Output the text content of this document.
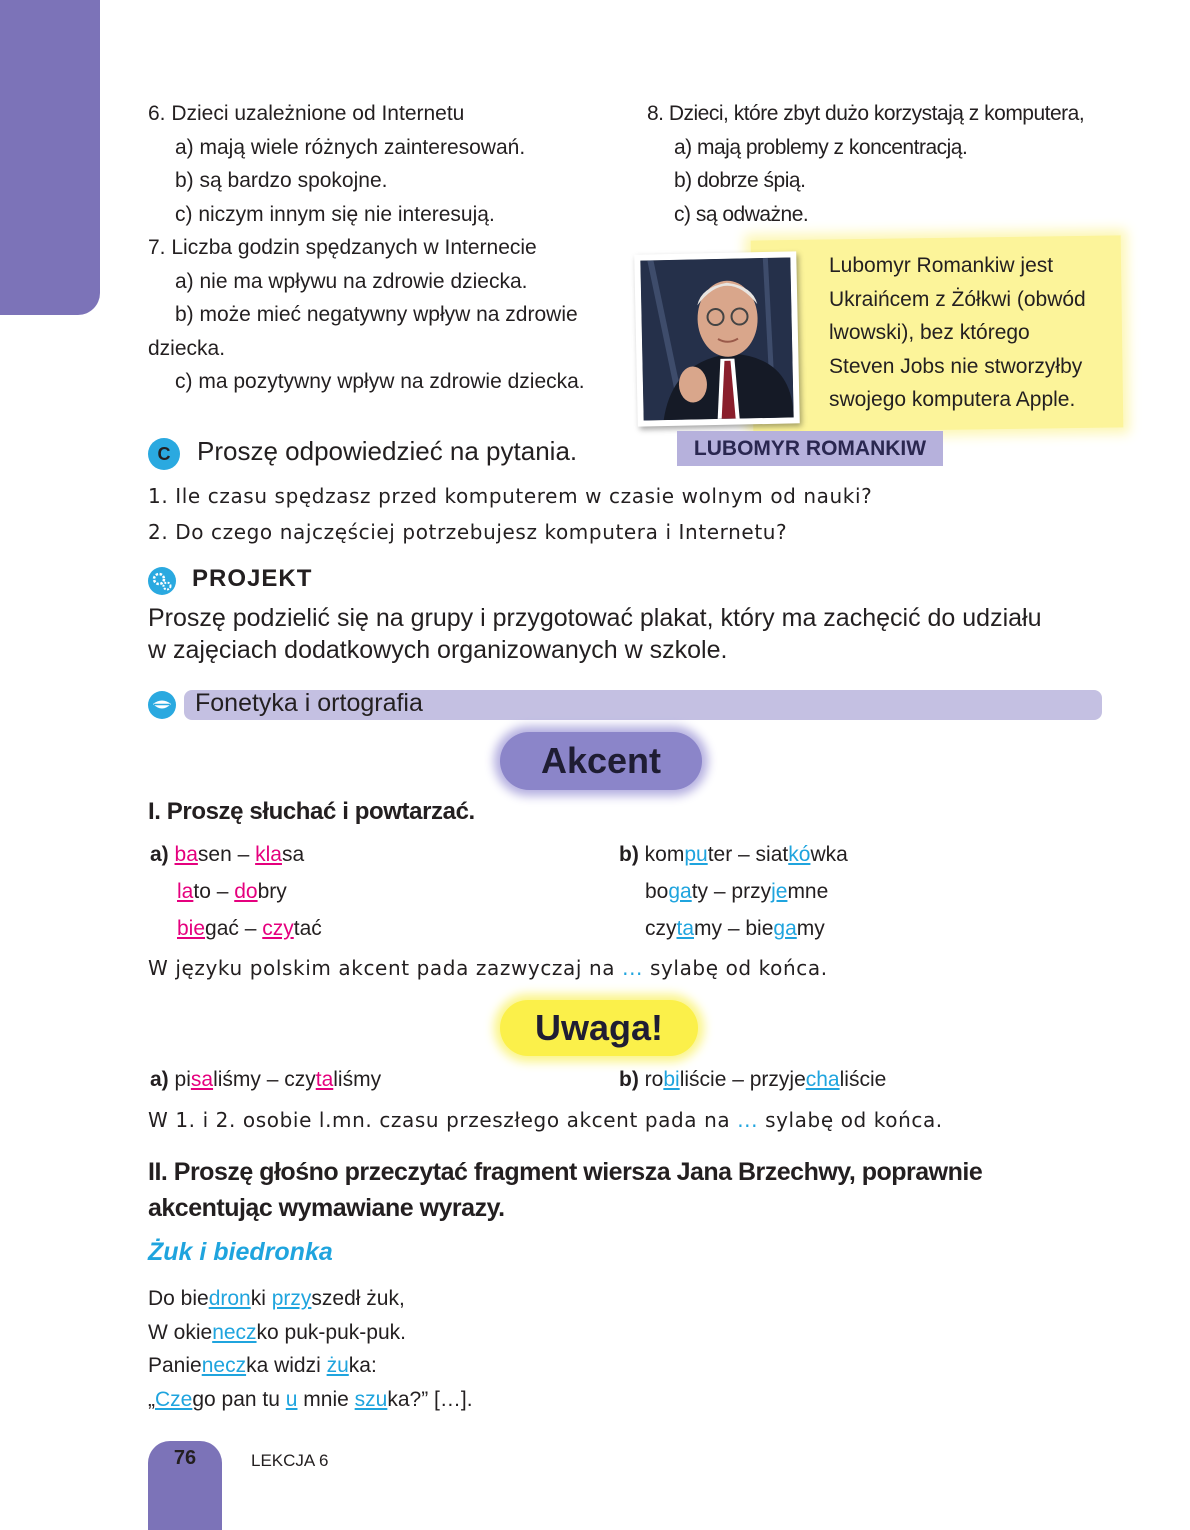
6. Dzieci uzależnione od Internetu
a) mają wiele różnych zainteresowań.
b) są bardzo spokojne.
c) niczym innym się nie interesują.
7. Liczba godzin spędzanych w Internecie
a) nie ma wpływu na zdrowie dziecka.
b) może mieć negatywny wpływ na zdrowie
dziecka.
c) ma pozytywny wpływ na zdrowie dziecka.
8. Dzieci, które zbyt dużo korzystają z komputera,
a) mają problemy z koncentracją.
b) dobrze śpią.
c) są odważne.
Lubomyr Romankiw jest
Ukraińcem z Żółkwi (obwód
lwowski), bez którego
Steven Jobs nie stworzyłby
swojego komputera Apple.
LUBOMYR ROMANKIW
C	Proszę odpowiedzieć na pytania.
1. Ile czasu spędzasz przed komputerem w czasie wolnym od nauki?
2. Do czego najczęściej potrzebujesz komputera i Internetu?
PROJEKT
Proszę podzielić się na grupy i przygotować plakat, który ma zachęcić do udziału
w zajęciach dodatkowych organizowanych w szkole.
Fonetyka i ortografia
Akcent
I. Proszę słuchać i powtarzać.
a) basen – klasa
lato – dobry
biegać – czytać
b) komputer – siatkówka
bogaty – przyjemne
czytamy – biegamy
W języku polskim akcent pada zazwyczaj na ... sylabę od końca.
Uwaga!
a) pisaliśmy – czytaliśmy	b) robiliście – przyjechaliście
W 1. i 2. osobie l.mn. czasu przeszłego akcent pada na ... sylabę od końca.
II. Proszę głośno przeczytać fragment wiersza Jana Brzechwy, poprawnie
akcentując wymawiane wyrazy.
Żuk i biedronka
Do biedronki przyszedł żuk,
W okieneczko puk-puk-puk.
Panieneczka widzi żuka:
„Czego pan tu u mnie szuka?” […].
76	LEKCJA 6
